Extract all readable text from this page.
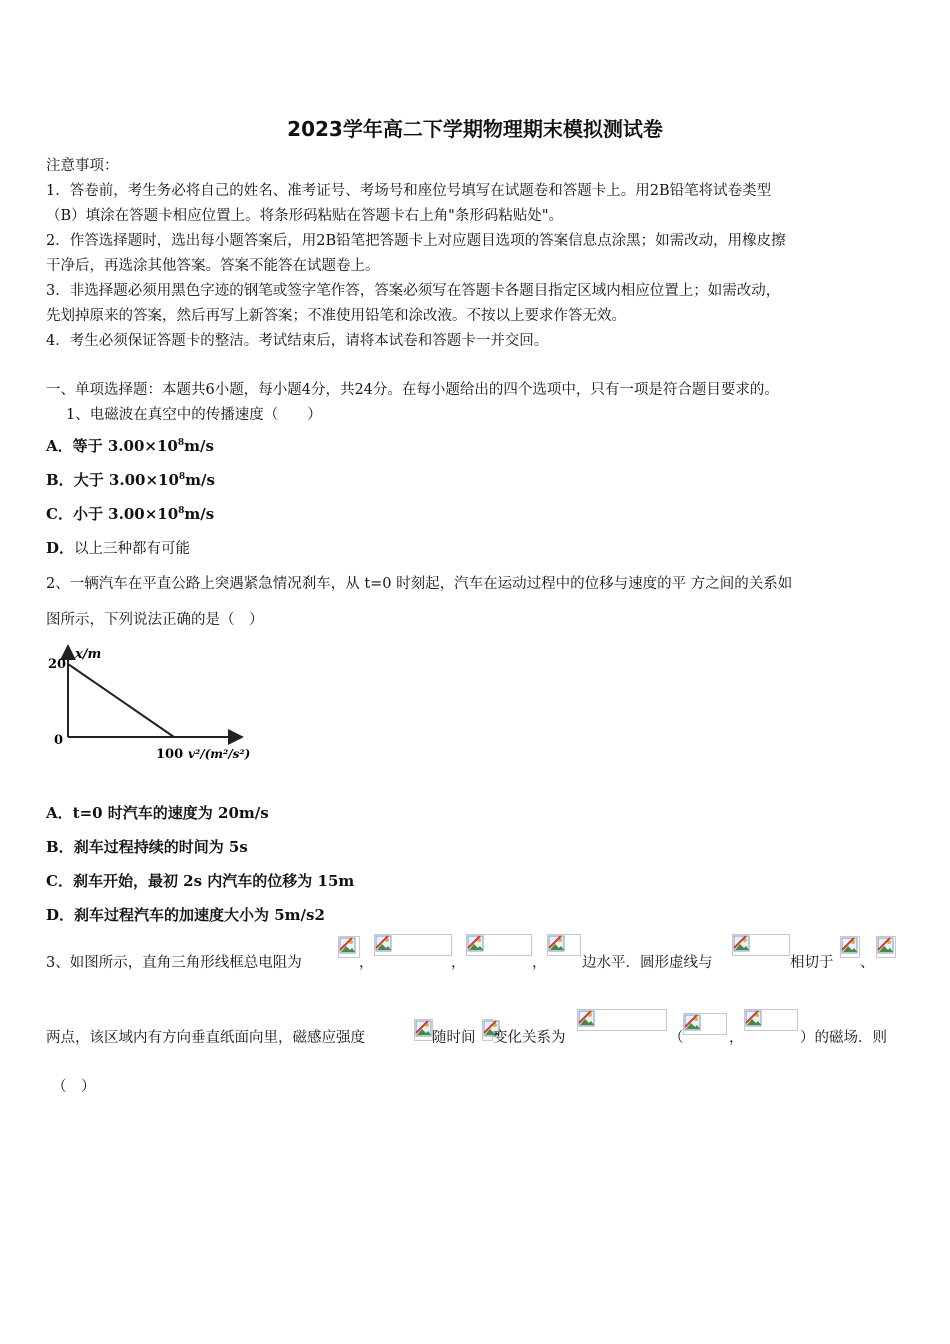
2023学年高二下学期物理期末模拟测试卷
注意事项：
1．答卷前，考生务必将自己的姓名、准考证号、考场号和座位号填写在试题卷和答题卡上。用2B铅笔将试卷类型
（B）填涂在答题卡相应位置上。将条形码粘贴在答题卡右上角"条形码粘贴处"。
2．作答选择题时，选出每小题答案后，用2B铅笔把答题卡上对应题目选项的答案信息点涂黑；如需改动，用橡皮擦
干净后，再选涂其他答案。答案不能答在试题卷上。
3．非选择题必须用黑色字迹的钢笔或签字笔作答，答案必须写在答题卡各题目指定区域内相应位置上；如需改动，
先划掉原来的答案，然后再写上新答案；不准使用铅笔和涂改液。不按以上要求作答无效。
4．考生必须保证答题卡的整洁。考试结束后，请将本试卷和答题卡一并交回。
一、单项选择题：本题共6小题，每小题4分，共24分。在每小题给出的四个选项中，只有一项是符合题目要求的。
1、电磁波在真空中的传播速度（　　）
A．等于 $3.00\times 10^8m/s$
B．大于 $3.00\times 10^8m/s$
C．小于 $3.00\times 10^8m/s$
D．以上三种都有可能
2、一辆汽车在平直公路上突遇紧急情况刹车，从 t=0 时刻起，汽车在运动过程中的位移与速度的平 方之间的关系如
图所示，下列说法正确的是（　）
x/m
20
0
100 v²/(m²/s²)
A．t=0 时汽车的速度为 20m/s
B．刹车过程持续的时间为 5s
C．刹车开始，最初 2s 内汽车的位移为 15m
D．刹车过程汽车的加速度大小为 5m/s2
3、如图所示，直角三角形线框总电阻为	，	，	， 边水平．圆形虚线与	相切于 、
两点，该区域内有方向垂直纸面向里，磁感应强度	随时间 变化关系为	（	，	）的磁场．则
（　）
